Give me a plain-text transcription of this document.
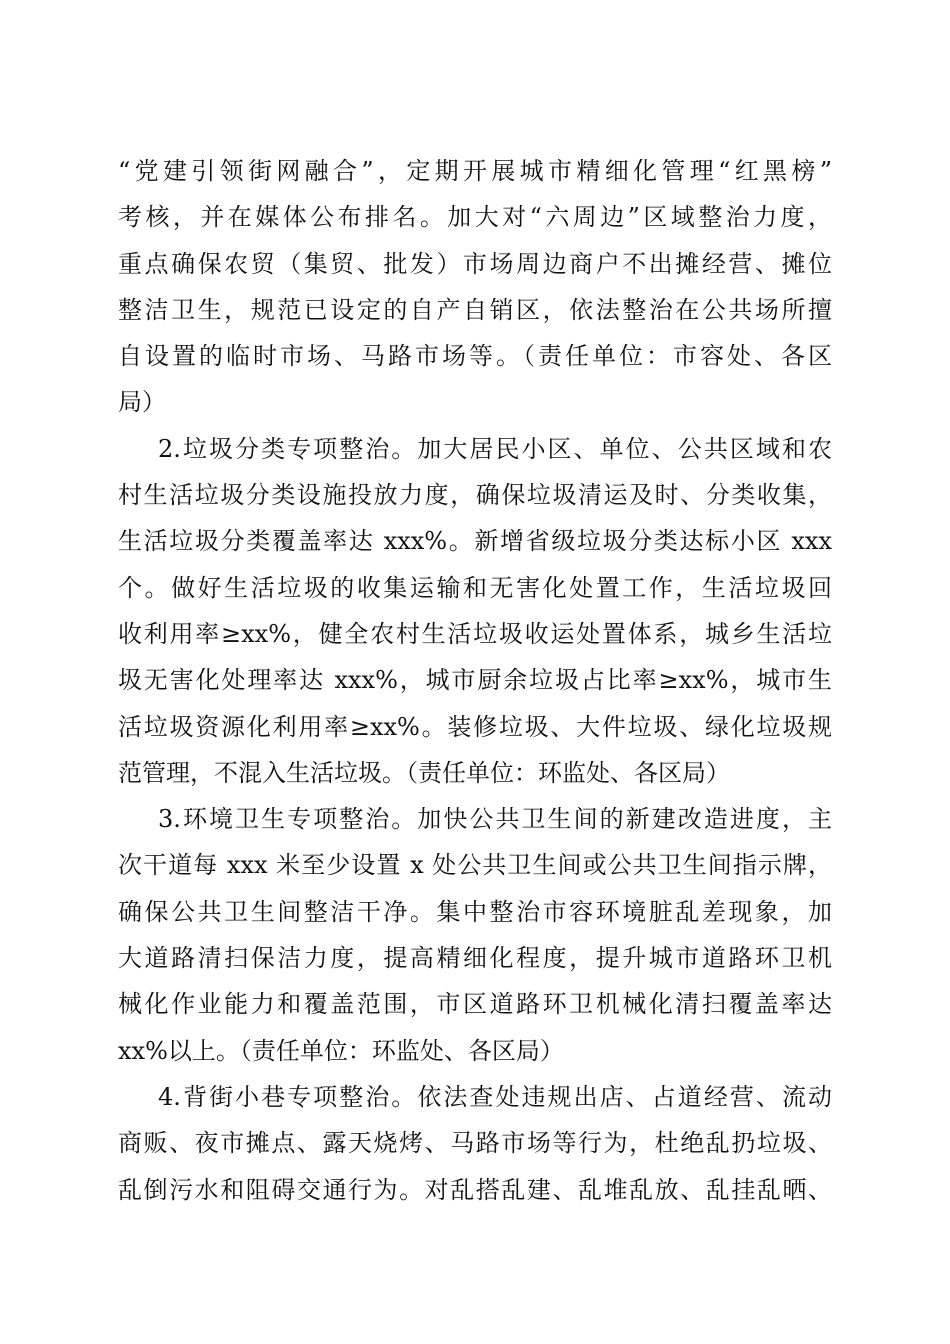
“党建引领街网融合”，定期开展城市精细化管理“红黑榜”
考核，并在媒体公布排名。加大对“六周边”区域整治力度，
重点确保农贸（集贸、批发）市场周边商户不出摊经营、摊位
整洁卫生，规范已设定的自产自销区，依法整治在公共场所擅
自设置的临时市场、马路市场等。（责任单位：市容处、各区
局）
2.垃圾分类专项整治。加大居民小区、单位、公共区域和农
村生活垃圾分类设施投放力度，确保垃圾清运及时、分类收集，
生活垃圾分类覆盖率达 xxx%。新增省级垃圾分类达标小区 xxx
个。做好生活垃圾的收集运输和无害化处置工作，生活垃圾回
收利用率≥xx%，健全农村生活垃圾收运处置体系，城乡生活垃
圾无害化处理率达 xxx%，城市厨余垃圾占比率≥xx%，城市生
活垃圾资源化利用率≥xx%。装修垃圾、大件垃圾、绿化垃圾规
范管理，不混入生活垃圾。（责任单位：环监处、各区局）
3.环境卫生专项整治。加快公共卫生间的新建改造进度，主
次干道每 xxx 米至少设置 x 处公共卫生间或公共卫生间指示牌，
确保公共卫生间整洁干净。集中整治市容环境脏乱差现象，加
大道路清扫保洁力度，提高精细化程度，提升城市道路环卫机
械化作业能力和覆盖范围，市区道路环卫机械化清扫覆盖率达
xx%以上。（责任单位：环监处、各区局）
4.背街小巷专项整治。依法查处违规出店、占道经营、流动
商贩、夜市摊点、露天烧烤、马路市场等行为，杜绝乱扔垃圾、
乱倒污水和阻碍交通行为。对乱搭乱建、乱堆乱放、乱挂乱晒、
